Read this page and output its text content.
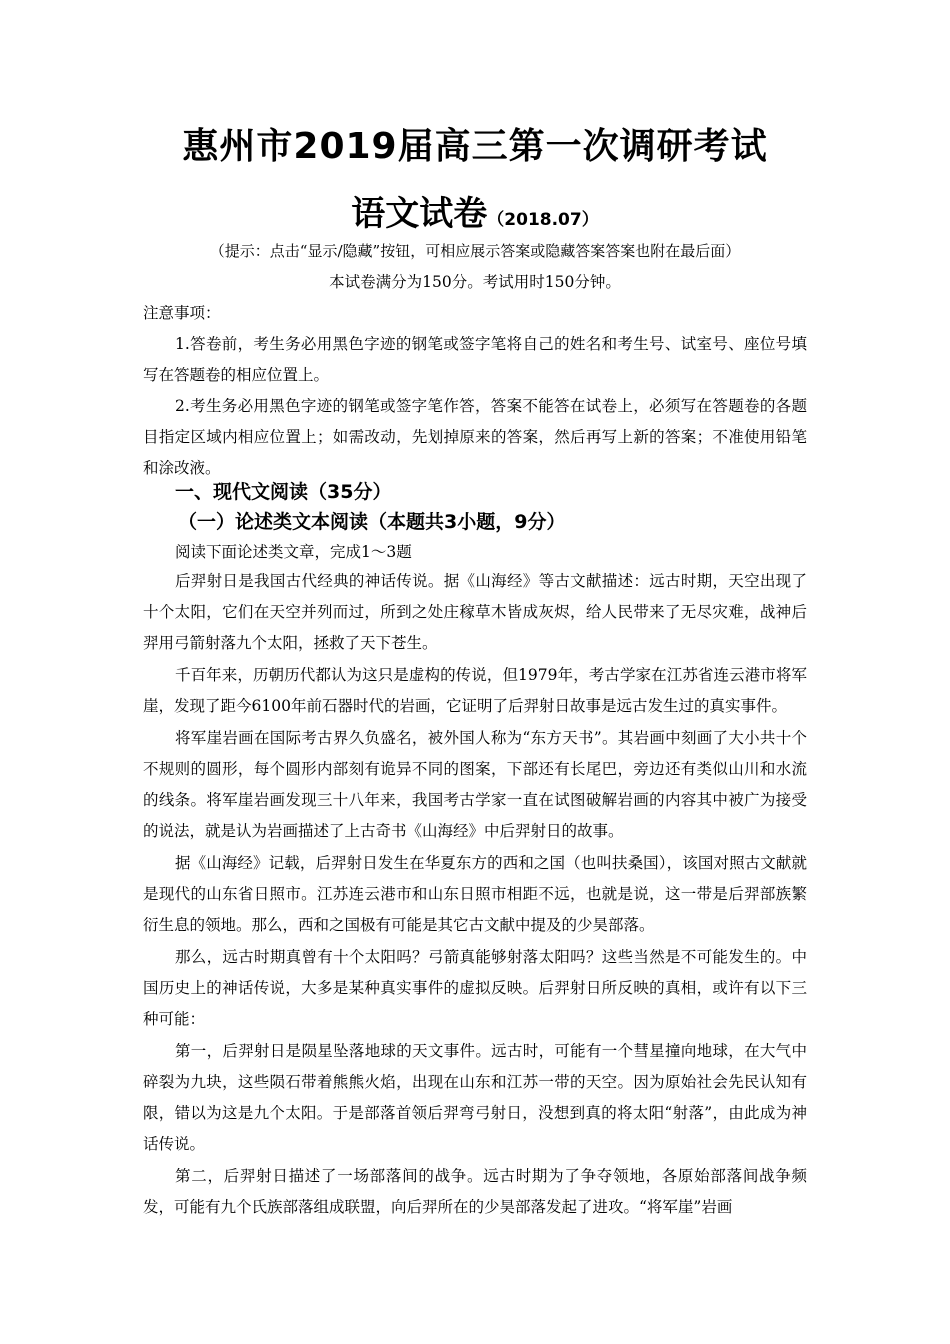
惠州市2019届高三第一次调研考试
语文试卷（2018.07）
（提示：点击“显示/隐藏”按钮，可相应展示答案或隐藏答案答案也附在最后面）
本试卷满分为150分。考试用时150分钟。

注意事项：

1.答卷前，考生务必用黑色字迹的钢笔或签字笔将自己的姓名和考生号、试室号、座位号填写在答题卷的相应位置上。

2.考生务必用黑色字迹的钢笔或签字笔作答，答案不能答在试卷上，必须写在答题卷的各题目指定区域内相应位置上；如需改动，先划掉原来的答案，然后再写上新的答案；不准使用铅笔和涂改液。

一、现代文阅读（35分）
（一）论述类文本阅读（本题共3小题，9分）
阅读下面论述类文章，完成1～3题

后羿射日是我国古代经典的神话传说。据《山海经》等古文献描述：远古时期，天空出现了十个太阳，它们在天空并列而过，所到之处庄稼草木皆成灰烬，给人民带来了无尽灾难，战神后羿用弓箭射落九个太阳，拯救了天下苍生。

千百年来，历朝历代都认为这只是虚构的传说，但1979年，考古学家在江苏省连云港市将军崖，发现了距今6100年前石器时代的岩画，它证明了后羿射日故事是远古发生过的真实事件。

将军崖岩画在国际考古界久负盛名，被外国人称为“东方天书”。其岩画中刻画了大小共十个不规则的圆形，每个圆形内部刻有诡异不同的图案，下部还有长尾巴，旁边还有类似山川和水流的线条。将军崖岩画发现三十八年来，我国考古学家一直在试图破解岩画的内容其中被广为接受的说法，就是认为岩画描述了上古奇书《山海经》中后羿射日的故事。

据《山海经》记载，后羿射日发生在华夏东方的西和之国（也叫扶桑国），该国对照古文献就是现代的山东省日照市。江苏连云港市和山东日照市相距不远，也就是说，这一带是后羿部族繁衍生息的领地。那么，西和之国极有可能是其它古文献中提及的少昊部落。

那么，远古时期真曾有十个太阳吗？弓箭真能够射落太阳吗？这些当然是不可能发生的。中国历史上的神话传说，大多是某种真实事件的虚拟反映。后羿射日所反映的真相，或许有以下三种可能：

第一，后羿射日是陨星坠落地球的天文事件。远古时，可能有一个彗星撞向地球，在大气中碎裂为九块，这些陨石带着熊熊火焰，出现在山东和江苏一带的天空。因为原始社会先民认知有限，错以为这是九个太阳。于是部落首领后羿弯弓射日，没想到真的将太阳“射落”，由此成为神话传说。

第二，后羿射日描述了一场部落间的战争。远古时期为了争夺领地，各原始部落间战争频发，可能有九个氏族部落组成联盟，向后羿所在的少昊部落发起了进攻。“将军崖”岩画
